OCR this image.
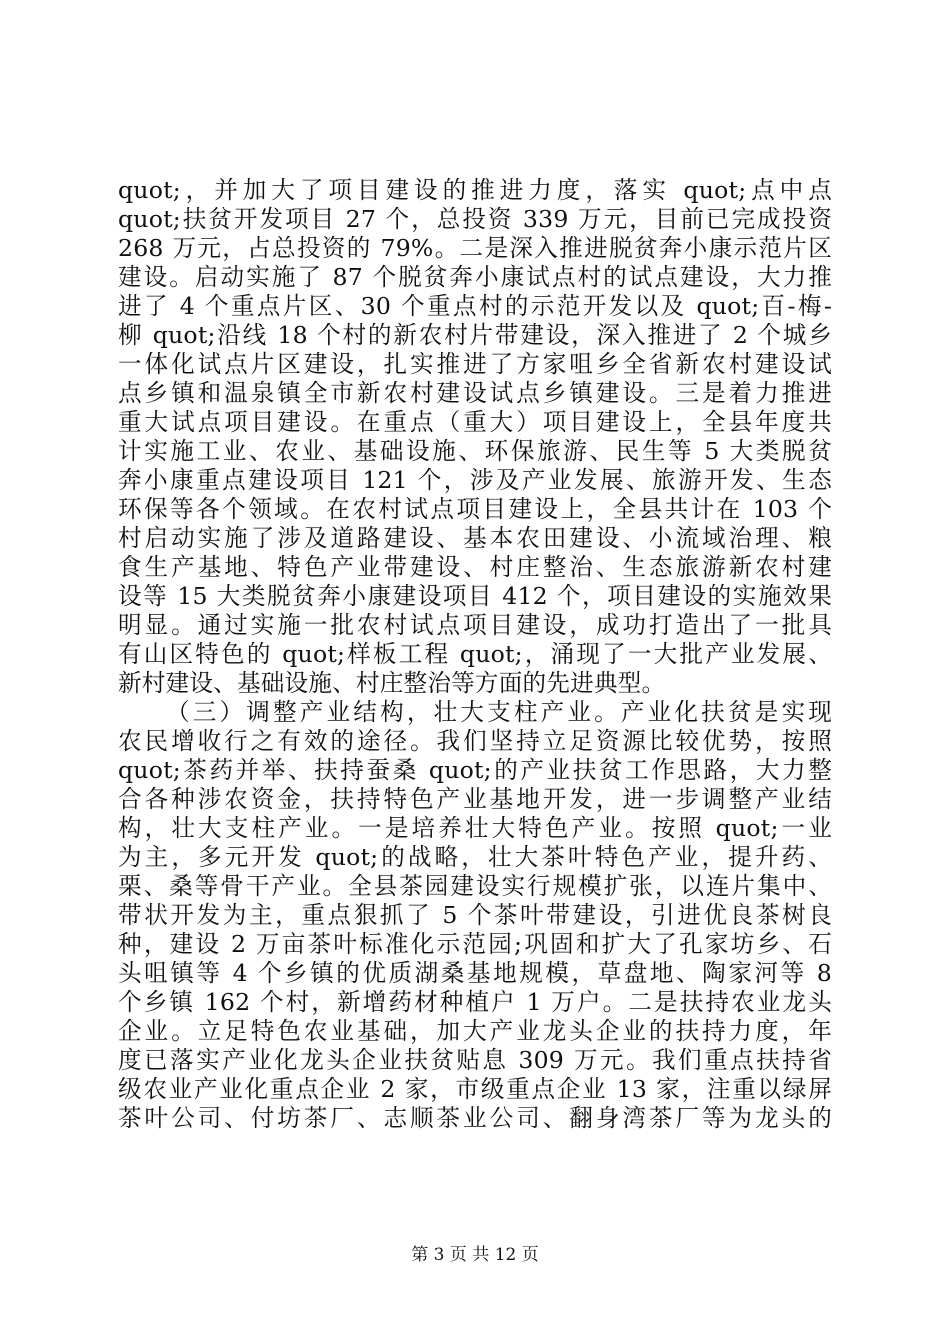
quot;，并加大了项目建设的推进力度，落实 quot;点中点
quot;扶贫开发项目 27 个，总投资 339 万元，目前已完成投资
268 万元，占总投资的 79%。二是深入推进脱贫奔小康示范片区
建设。启动实施了 87 个脱贫奔小康试点村的试点建设，大力推
进了 4 个重点片区、30 个重点村的示范开发以及 quot;百-梅-
柳 quot;沿线 18 个村的新农村片带建设，深入推进了 2 个城乡
一体化试点片区建设，扎实推进了方家咀乡全省新农村建设试
点乡镇和温泉镇全市新农村建设试点乡镇建设。三是着力推进
重大试点项目建设。在重点（重大）项目建设上，全县年度共
计实施工业、农业、基础设施、环保旅游、民生等 5 大类脱贫
奔小康重点建设项目 121 个，涉及产业发展、旅游开发、生态
环保等各个领域。在农村试点项目建设上，全县共计在 103 个
村启动实施了涉及道路建设、基本农田建设、小流域治理、粮
食生产基地、特色产业带建设、村庄整治、生态旅游新农村建
设等 15 大类脱贫奔小康建设项目 412 个，项目建设的实施效果
明显。通过实施一批农村试点项目建设，成功打造出了一批具
有山区特色的 quot;样板工程 quot;，涌现了一大批产业发展、
新村建设、基础设施、村庄整治等方面的先进典型。
（三）调整产业结构，壮大支柱产业。产业化扶贫是实现
农民增收行之有效的途径。我们坚持立足资源比较优势，按照
quot;茶药并举、扶持蚕桑 quot;的产业扶贫工作思路，大力整
合各种涉农资金，扶持特色产业基地开发，进一步调整产业结
构，壮大支柱产业。一是培养壮大特色产业。按照 quot;一业
为主，多元开发 quot;的战略，壮大茶叶特色产业，提升药、
栗、桑等骨干产业。全县茶园建设实行规模扩张，以连片集中、
带状开发为主，重点狠抓了 5 个茶叶带建设，引进优良茶树良
种，建设 2 万亩茶叶标准化示范园;巩固和扩大了孔家坊乡、石
头咀镇等 4 个乡镇的优质湖桑基地规模，草盘地、陶家河等 8
个乡镇 162 个村，新增药材种植户 1 万户。二是扶持农业龙头
企业。立足特色农业基础，加大产业龙头企业的扶持力度，年
度已落实产业化龙头企业扶贫贴息 309 万元。我们重点扶持省
级农业产业化重点企业 2 家，市级重点企业 13 家，注重以绿屏
茶叶公司、付坊茶厂、志顺茶业公司、翻身湾茶厂等为龙头的
第 3 页 共 12 页
